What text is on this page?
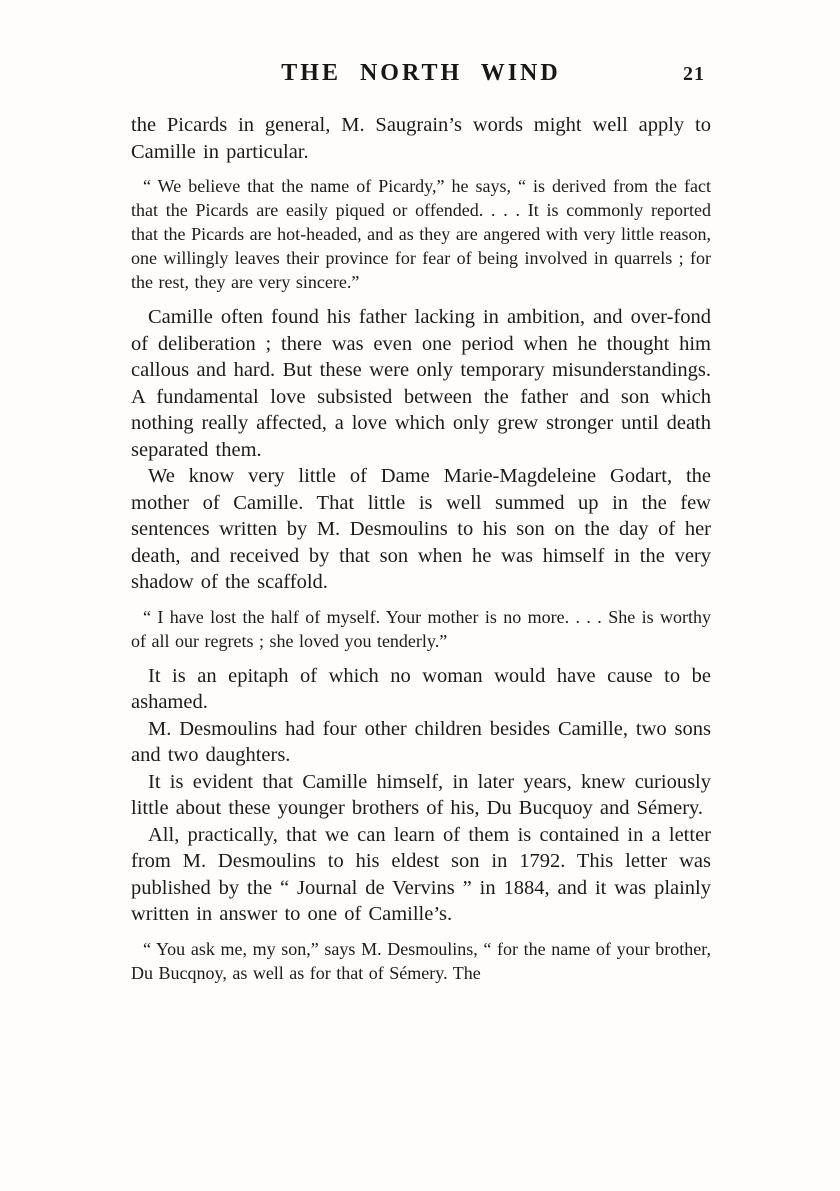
THE NORTH WIND	21

the Picards in general, M. Saugrain’s words might well apply to Camille in particular.

“ We believe that the name of Picardy,” he says, “ is derived from the fact that the Picards are easily piqued or offended. . . . It is commonly reported that the Picards are hot-headed, and as they are angered with very little reason, one willingly leaves their province for fear of being involved in quarrels ; for the rest, they are very sincere.”

Camille often found his father lacking in ambition, and over-fond of deliberation ; there was even one period when he thought him callous and hard. But these were only temporary misunderstandings. A fundamental love subsisted between the father and son which nothing really affected, a love which only grew stronger until death separated them.

We know very little of Dame Marie-Magdeleine Godart, the mother of Camille. That little is well summed up in the few sentences written by M. Desmoulins to his son on the day of her death, and received by that son when he was himself in the very shadow of the scaffold.

“ I have lost the half of myself. Your mother is no more. . . . She is worthy of all our regrets ; she loved you tenderly.”

It is an epitaph of which no woman would have cause to be ashamed.

M. Desmoulins had four other children besides Camille, two sons and two daughters.

It is evident that Camille himself, in later years, knew curiously little about these younger brothers of his, Du Bucquoy and Sémery.

All, practically, that we can learn of them is contained in a letter from M. Desmoulins to his eldest son in 1792. This letter was published by the “ Journal de Vervins ” in 1884, and it was plainly written in answer to one of Camille’s.

“ You ask me, my son,” says M. Desmoulins, “ for the name of your brother, Du Bucqnoy, as well as for that of Sémery. The
